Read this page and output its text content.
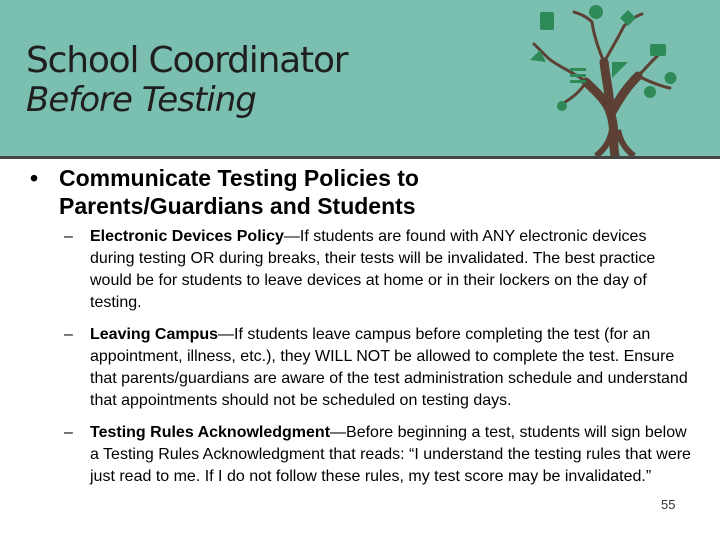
School Coordinator
Before Testing
• Communicate Testing Policies to Parents/Guardians and Students
– Electronic Devices Policy—If students are found with ANY electronic devices during testing OR during breaks, their tests will be invalidated. The best practice would be for students to leave devices at home or in their lockers on the day of testing.
– Leaving Campus—If students leave campus before completing the test (for an appointment, illness, etc.), they WILL NOT be allowed to complete the test. Ensure that parents/guardians are aware of the test administration schedule and understand that appointments should not be scheduled on testing days.
– Testing Rules Acknowledgment—Before beginning a test, students will sign below a Testing Rules Acknowledgment that reads: “I understand the testing rules that were just read to me. If I do not follow these rules, my test score may be invalidated.”
55
